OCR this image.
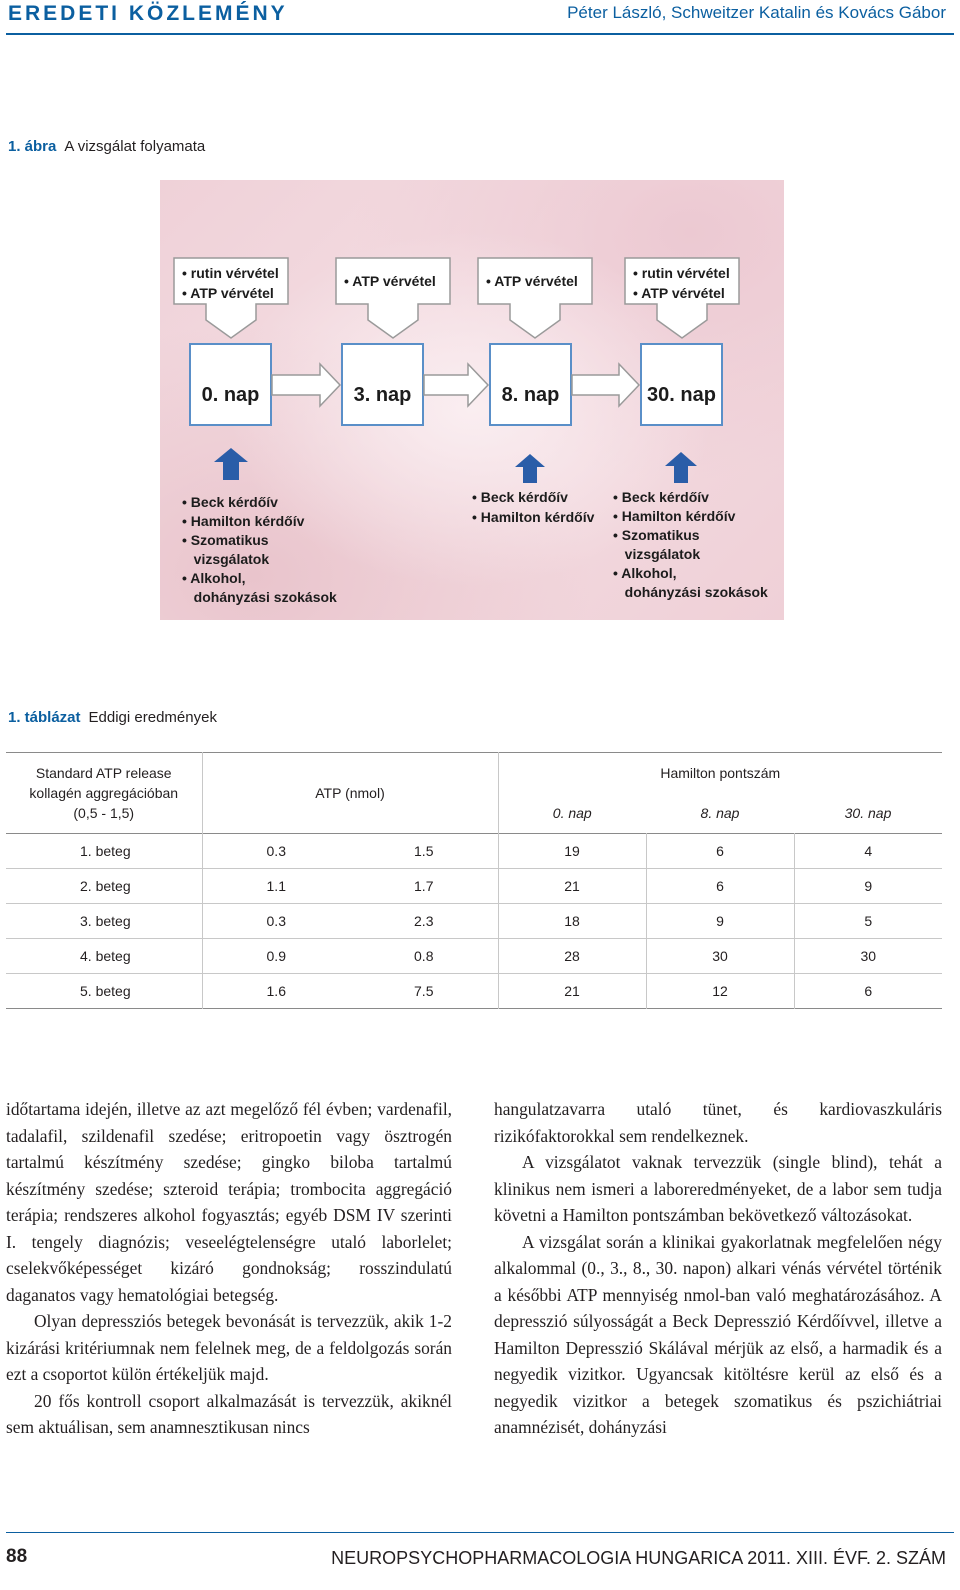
EREDETI KÖZLEMÉNY	Péter László, Schweitzer Katalin és Kovács Gábor
1. ábra A vizsgálat folyamata
• rutin vérvétel
• ATP vérvétel
• ATP vérvétel	• ATP vérvétel	• rutin vérvétel
• ATP vérvétel
0. nap	3. nap	8. nap	30. nap
• Beck kérdőív
• Hamilton kérdőív
• Szomatikus
vizsgálatok
• Alkohol,
dohányzási szokások
• Beck kérdőív
• Hamilton kérdőív
• Beck kérdőív
• Hamilton kérdőív
• Szomatikus
vizsgálatok
• Alkohol,
dohányzási szokások
1. táblázat Eddigi eredmények
Standard ATP release
kollagén aggregációban
(0,5 - 1,5)	ATP (nmol)		Hamilton pontszám		
			0. nap	8. nap	30. nap
1. beteg	0.3	1.5	19	6	4
2. beteg	1.1	1.7	21	6	9
3. beteg	0.3	2.3	18	9	5
4. beteg	0.9	0.8	28	30	30
5. beteg	1.6	7.5	21	12	6

időtartama idején, illetve az azt megelőző fél évben; vardenafil, tadalafil, szildenafil szedése; eritropoetin vagy ösztrogén tartalmú készítmény szedése; gingko biloba tartalmú készítmény szedése; szteroid terápia; trombocita aggregáció terápia; rendszeres alkohol fogyasztás; egyéb DSM IV szerinti I. tengely diagnózis; veseelégtelenségre utaló laborlelet; cselekvőképességet kizáró gondnokság; rosszindulatú daganatos vagy hematológiai betegség.

Olyan depressziós betegek bevonását is tervezzük, akik 1-2 kizárási kritériumnak nem felelnek meg, de a feldolgozás során ezt a csoportot külön értékeljük majd.

20 fős kontroll csoport alkalmazását is tervezzük, akiknél sem aktuálisan, sem anamnesztikusan nincs

hangulatzavarra utaló tünet, és kardiovaszkuláris rizikófaktorokkal sem rendelkeznek.

A vizsgálatot vaknak tervezzük (single blind), tehát a klinikus nem ismeri a laboreredményeket, de a labor sem tudja követni a Hamilton pontszámban bekövetkező változásokat.

A vizsgálat során a klinikai gyakorlatnak megfelelően négy alkalommal (0., 3., 8., 30. napon) alkari vénás vérvétel történik a későbbi ATP mennyiség nmol-ban való meghatározásához. A depresszió súlyosságát a Beck Depresszió Kérdőívvel, illetve a Hamilton Depresszió Skálával mérjük az első, a harmadik és a negyedik vizitkor. Ugyancsak kitöltésre kerül az első és a negyedik vizitkor a betegek szomatikus és pszichiátriai anamnézisét, dohányzási

88	NEUROPSYCHOPHARMACOLOGIA HUNGARICA 2011. XIII. ÉVF. 2. SZÁM
